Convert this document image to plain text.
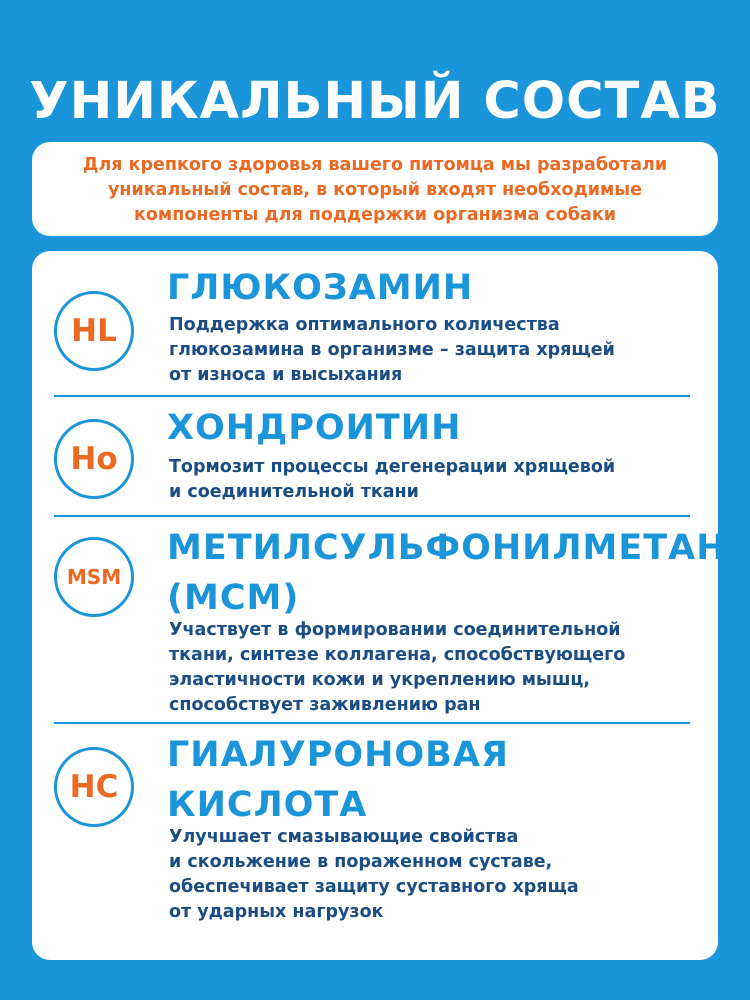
УНИКАЛЬНЫЙ СОСТАВ
Для крепкого здоровья вашего питомца мы разработали
уникальный состав, в который входят необходимые
компоненты для поддержки организма собаки
HL
ГЛЮКОЗАМИН
Поддержка оптимального количества
глюкозамина в организме – защита хрящей
от износа и высыхания
Ho
ХОНДРОИТИН
Тормозит процессы дегенерации хрящевой
и соединительной ткани
MSM
МЕТИЛСУЛЬФОНИЛМЕТАН
(МСМ)
Участвует в формировании соединительной
ткани, синтезе коллагена, способствующего
эластичности кожи и укреплению мышц,
способствует заживлению ран
HC
ГИАЛУРОНОВАЯ
КИСЛОТА
Улучшает смазывающие свойства
и скольжение в пораженном суставе,
обеспечивает защиту суставного хряща
от ударных нагрузок
